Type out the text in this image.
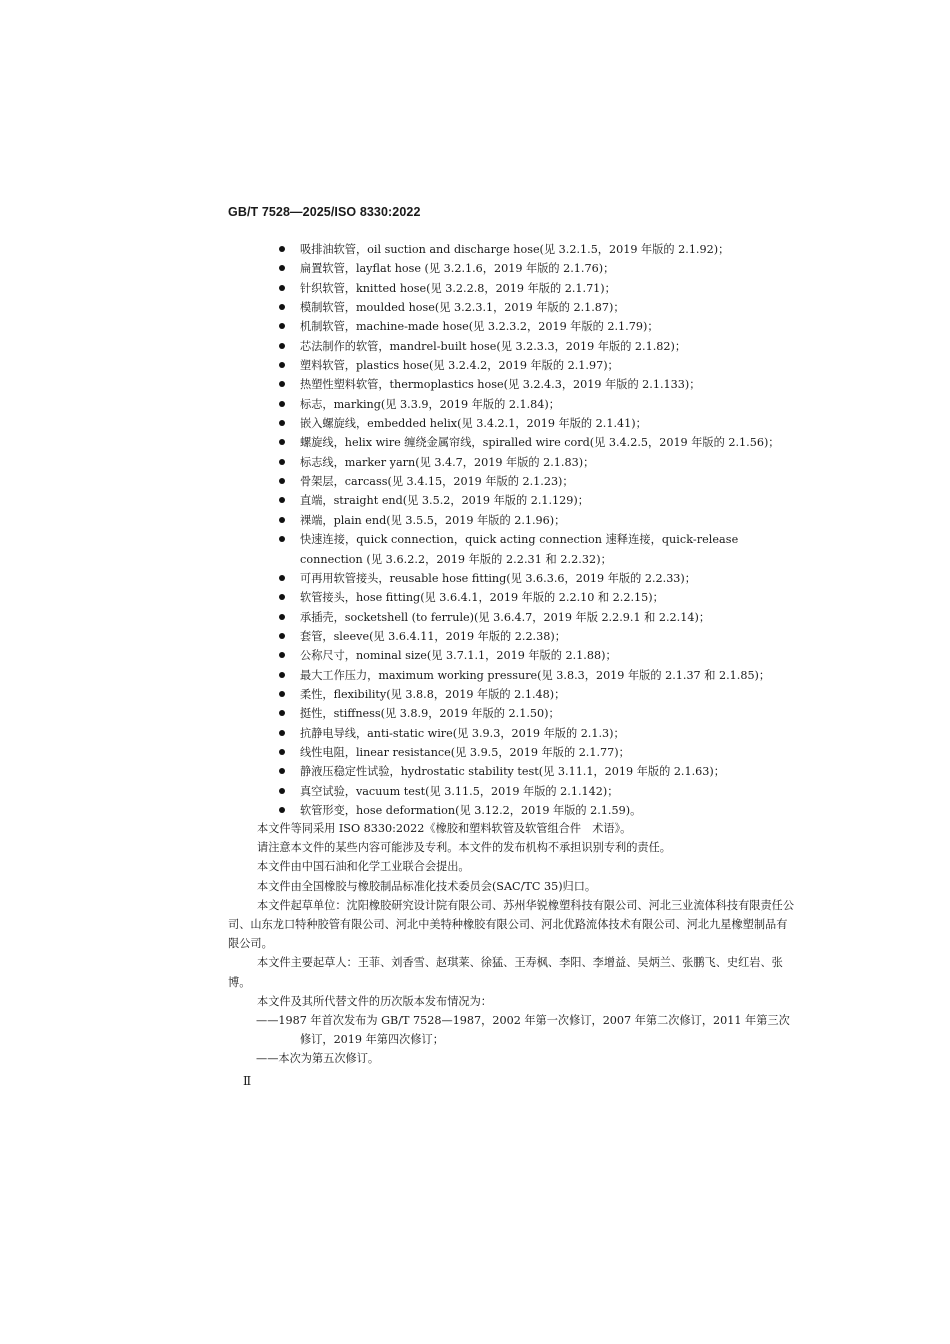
GB/T 7528—2025/ISO 8330:2022
吸排油软管，oil suction and discharge hose(见 3.2.1.5，2019 年版的 2.1.92)；
扁置软管，layflat hose (见 3.2.1.6，2019 年版的 2.1.76)；
针织软管，knitted hose(见 3.2.2.8，2019 年版的 2.1.71)；
模制软管，moulded hose(见 3.2.3.1，2019 年版的 2.1.87)；
机制软管，machine-made hose(见 3.2.3.2，2019 年版的 2.1.79)；
芯法制作的软管，mandrel-built hose(见 3.2.3.3，2019 年版的 2.1.82)；
塑料软管，plastics hose(见 3.2.4.2，2019 年版的 2.1.97)；
热塑性塑料软管，thermoplastics hose(见 3.2.4.3，2019 年版的 2.1.133)；
标志，marking(见 3.3.9，2019 年版的 2.1.84)；
嵌入螺旋线，embedded helix(见 3.4.2.1，2019 年版的 2.1.41)；
螺旋线，helix wire 缠绕金属帘线，spiralled wire cord(见 3.4.2.5，2019 年版的 2.1.56)；
标志线，marker yarn(见 3.4.7，2019 年版的 2.1.83)；
骨架层，carcass(见 3.4.15，2019 年版的 2.1.23)；
直端，straight end(见 3.5.2，2019 年版的 2.1.129)；
裸端，plain end(见 3.5.5，2019 年版的 2.1.96)；
快速连接，quick connection，quick acting connection 速释连接，quick-release connection (见 3.6.2.2，2019 年版的 2.2.31 和 2.2.32)；
可再用软管接头，reusable hose fitting(见 3.6.3.6，2019 年版的 2.2.33)；
软管接头，hose fitting(见 3.6.4.1，2019 年版的 2.2.10 和 2.2.15)；
承插壳，socketshell (to ferrule)(见 3.6.4.7，2019 年版 2.2.9.1 和 2.2.14)；
套管，sleeve(见 3.6.4.11，2019 年版的 2.2.38)；
公称尺寸，nominal size(见 3.7.1.1，2019 年版的 2.1.88)；
最大工作压力，maximum working pressure(见 3.8.3，2019 年版的 2.1.37 和 2.1.85)；
柔性，flexibility(见 3.8.8，2019 年版的 2.1.48)；
挺性，stiffness(见 3.8.9，2019 年版的 2.1.50)；
抗静电导线，anti-static wire(见 3.9.3，2019 年版的 2.1.3)；
线性电阻，linear resistance(见 3.9.5，2019 年版的 2.1.77)；
静液压稳定性试验，hydrostatic stability test(见 3.11.1，2019 年版的 2.1.63)；
真空试验，vacuum test(见 3.11.5，2019 年版的 2.1.142)；
软管形变，hose deformation(见 3.12.2，2019 年版的 2.1.59)。

本文件等同采用 ISO 8330:2022《橡胶和塑料软管及软管组合件　术语》。

请注意本文件的某些内容可能涉及专利。本文件的发布机构不承担识别专利的责任。

本文件由中国石油和化学工业联合会提出。

本文件由全国橡胶与橡胶制品标准化技术委员会(SAC/TC 35)归口。

本文件起草单位：沈阳橡胶研究设计院有限公司、苏州华锐橡塑科技有限公司、河北三业流体科技有限责任公司、山东龙口特种胶管有限公司、河北中美特种橡胶有限公司、河北优路流体技术有限公司、河北九星橡塑制品有限公司。

本文件主要起草人：王菲、刘香雪、赵琪莱、徐猛、王寿枫、李阳、李增益、吴炳兰、张鹏飞、史红岩、张博。

本文件及其所代替文件的历次版本发布情况为：

——1987 年首次发布为 GB/T 7528—1987，2002 年第一次修订，2007 年第二次修订，2011 年第三次修订，2019 年第四次修订；

——本次为第五次修订。

Ⅱ
